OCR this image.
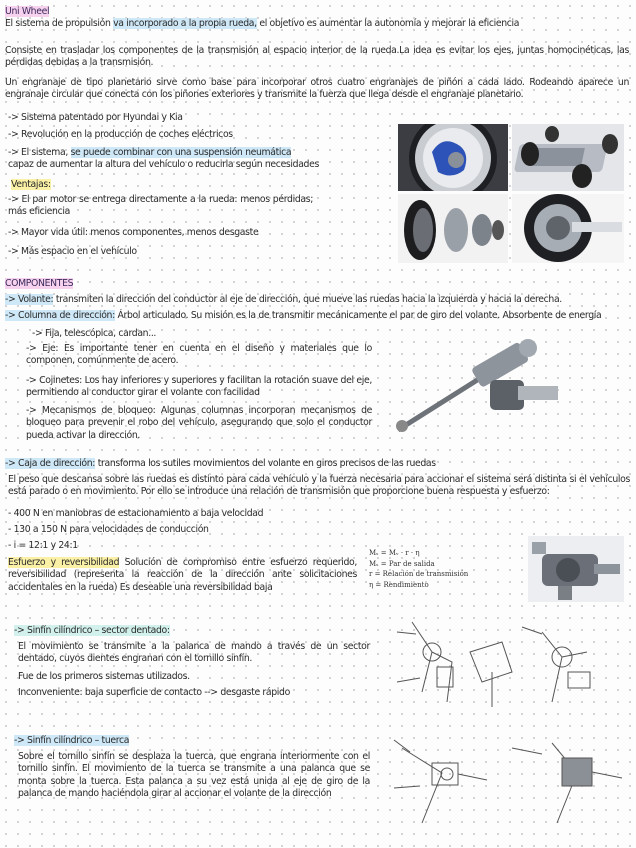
Uni Wheel
El sistema de propulsión va incorporado a la propia rueda, el objetivo es aumentar la autonomía y mejorar la eficiencia
Consiste en trasladar los componentes de la transmisión al espacio interior de la rueda.La idea es evitar los ejes, juntas homocinéticas, las pérdidas debidas a la transmisión.
Un engranaje de tipo planetario sirve como base para incorporar otros cuatro engranajes de piñón a cada lado. Rodeando aparece un engranaje circular que conecta con los piñones exteriores y transmite la fuerza que llega desde el engranaje planetario.
-> Sistema patentado por Hyundai y Kia
-> Revolución en la producción de coches eléctricos
-> El sistema, se puede combinar con una suspensión neumática
capaz de aumentar la altura del vehículo o reducirla según necesidades
Ventajas:
-> El par motor se entrega directamente a la rueda: menos pérdidas; más eficiencia
-> Mayor vida útil: menos componentes, menos desgaste
-> Más espacio en el vehículo
COMPONENTES
-> Volante: transmiten la dirección del conductor al eje de dirección, que mueve las ruedas hacia la izquierda y hacia la derecha.
-> Columna de dirección: Árbol articulado. Su misión es la de transmitir mecánicamente el par de giro del volante. Absorbente de energía
-> Fija, telescópica, cardan...
-> Eje: Es importante tener en cuenta en el diseño y materiales que lo componen, comúnmente de acero.
-> Cojinetes: Los hay inferiores y superiores y facilitan la rotación suave del eje, permitiendo al conductor girar el volante con facilidad
-> Mecanismos de bloqueo: Algunas columnas incorporan mecanismos de bloqueo para prevenir el robo del vehículo, asegurando que solo el conductor pueda activar la dirección.
-> Caja de dirección: transforma los sutiles movimientos del volante en giros precisos de las ruedas
El peso que descansa sobre las ruedas es distinto para cada vehículo y la fuerza necesaria para accionar el sistema será distinta si el vehículos está parado o en movimiento. Por ello se introduce una relación de transmisión que proporcione buena respuesta y esfuerzo:
- 400 N en maniobras de estacionamiento a baja velocidad
- 130 a 150 N para velocidades de conducción
- i = 12:1 y 24:1
Esfuerzo y reversibilidad Solución de compromiso entre esfuerzo requerido, reversibilidad (representa la reacción de la dirección ante solicitaciones accidentales en la rueda) Es deseable una reversibilidad baja
Mₛ = Mᵥ · r · η
Mₛ = Par de salida
r = Relación de transmisión
η = Rendimiento
-> Sinfín cilíndrico – sector dentado:
El movimiento se transmite a la palanca de mando a través de un sector dentado, cuyos dientes engranan con el tornillo sinfín.
Fue de los primeros sistemas utilizados.
Inconveniente: baja superficie de contacto --> desgaste rápido
-> Sinfín cilíndrico – tuerca
Sobre el tornillo sinfín se desplaza la tuerca, que engrana interiormente con el tornillo sinfín. El movimiento de la tuerca se transmite a una palanca que se monta sobre la tuerca. Esta palanca a su vez está unida al eje de giro de la palanca de mando haciéndola girar al accionar el volante de la dirección
